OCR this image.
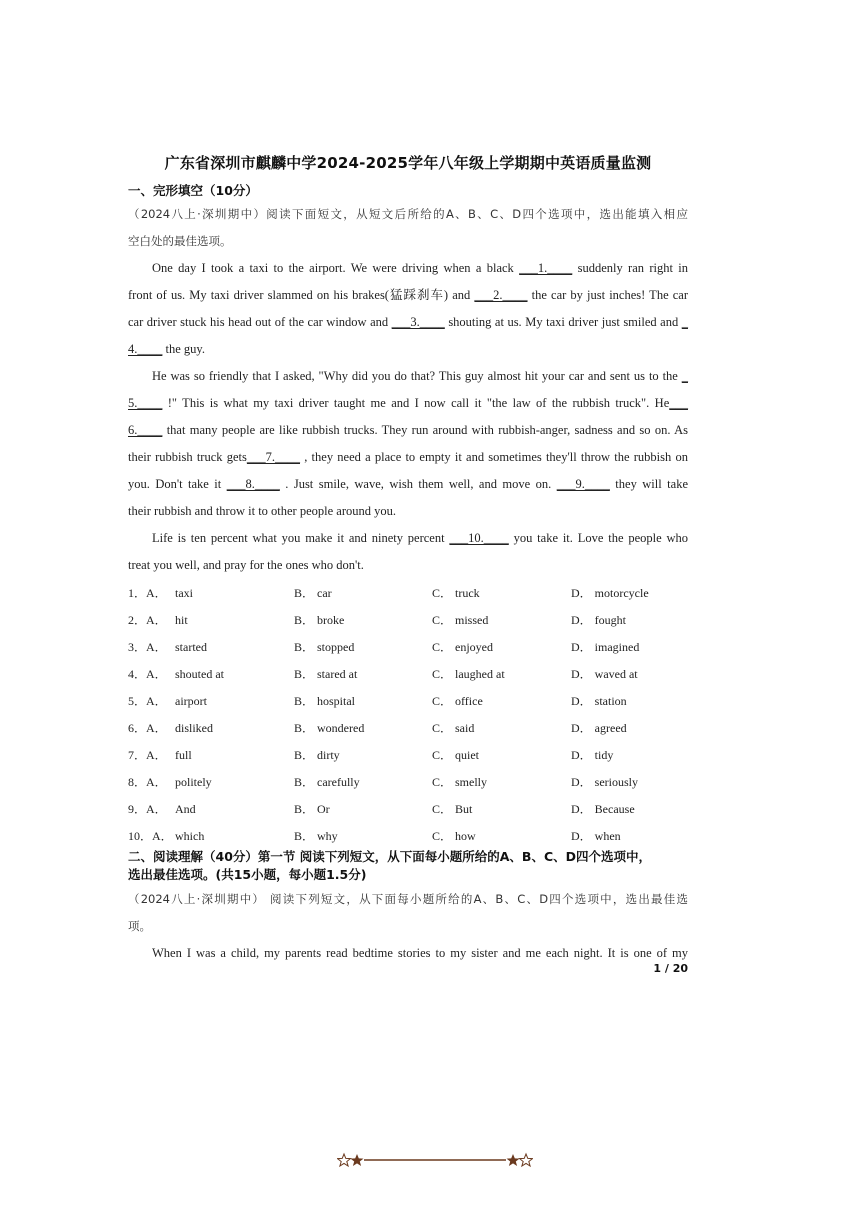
广东省深圳市麒麟中学2024-2025学年八年级上学期期中英语质量监测
一、完形填空（10分）
（2024八上·深圳期中）阅读下面短文，从短文后所给的A、B、C、D四个选项中，选出能填入相应
空白处的最佳选项。
One day I took a taxi to the airport. We were driving when a black ___1.____ suddenly ran right in
front of us. My taxi driver slammed on his brakes(猛踩刹车) and ___2.____ the car by just inches! The car
car driver stuck his head out of the car window and ___3.____ shouting at us. My taxi driver just smiled and _
4.____ the guy.
He was so friendly that I asked, "Why did you do that? This guy almost hit your car and sent us to the _
5.____ !" This is what my taxi driver taught me and I now call it "the law of the rubbish truck". He___
6.____ that many people are like rubbish trucks. They run around with rubbish-anger, sadness and so on. As
their rubbish truck gets___7.____ , they need a place to empty it and sometimes they'll throw the rubbish on
you. Don't take it ___8.____ . Just smile, wave, wish them well, and move on. ___9.____ they will take
their rubbish and throw it to other people around you.
Life is ten percent what you make it and ninety percent ___10.____ you take it. Love the people who
treat you well, and pray for the ones who don't.
1．A． taxi	B． car	C． truck	D． motorcycle
2．A． hit	B． broke	C． missed	D． fought
3．A． started	B． stopped	C． enjoyed	D． imagined
4．A． shouted at	B． stared at	C． laughed at	D． waved at
5．A． airport	B． hospital	C． office	D． station
6．A． disliked	B． wondered	C． said	D． agreed
7．A． full	B． dirty	C． quiet	D． tidy
8．A． politely	B． carefully	C． smelly	D． seriously
9．A． And	B． Or	C． But	D． Because
10．A． which	B． why	C． how	D． when
二、阅读理解（40分）第一节 阅读下列短文，从下面每小题所给的A、B、C、D四个选项中，
选出最佳选项。(共15小题，每小题1.5分)
（2024八上·深圳期中） 阅读下列短文，从下面每小题所给的A、B、C、D四个选项中，选出最佳选
项。
When I was a child, my parents read bedtime stories to my sister and me each night. It is one of my
1 / 20
